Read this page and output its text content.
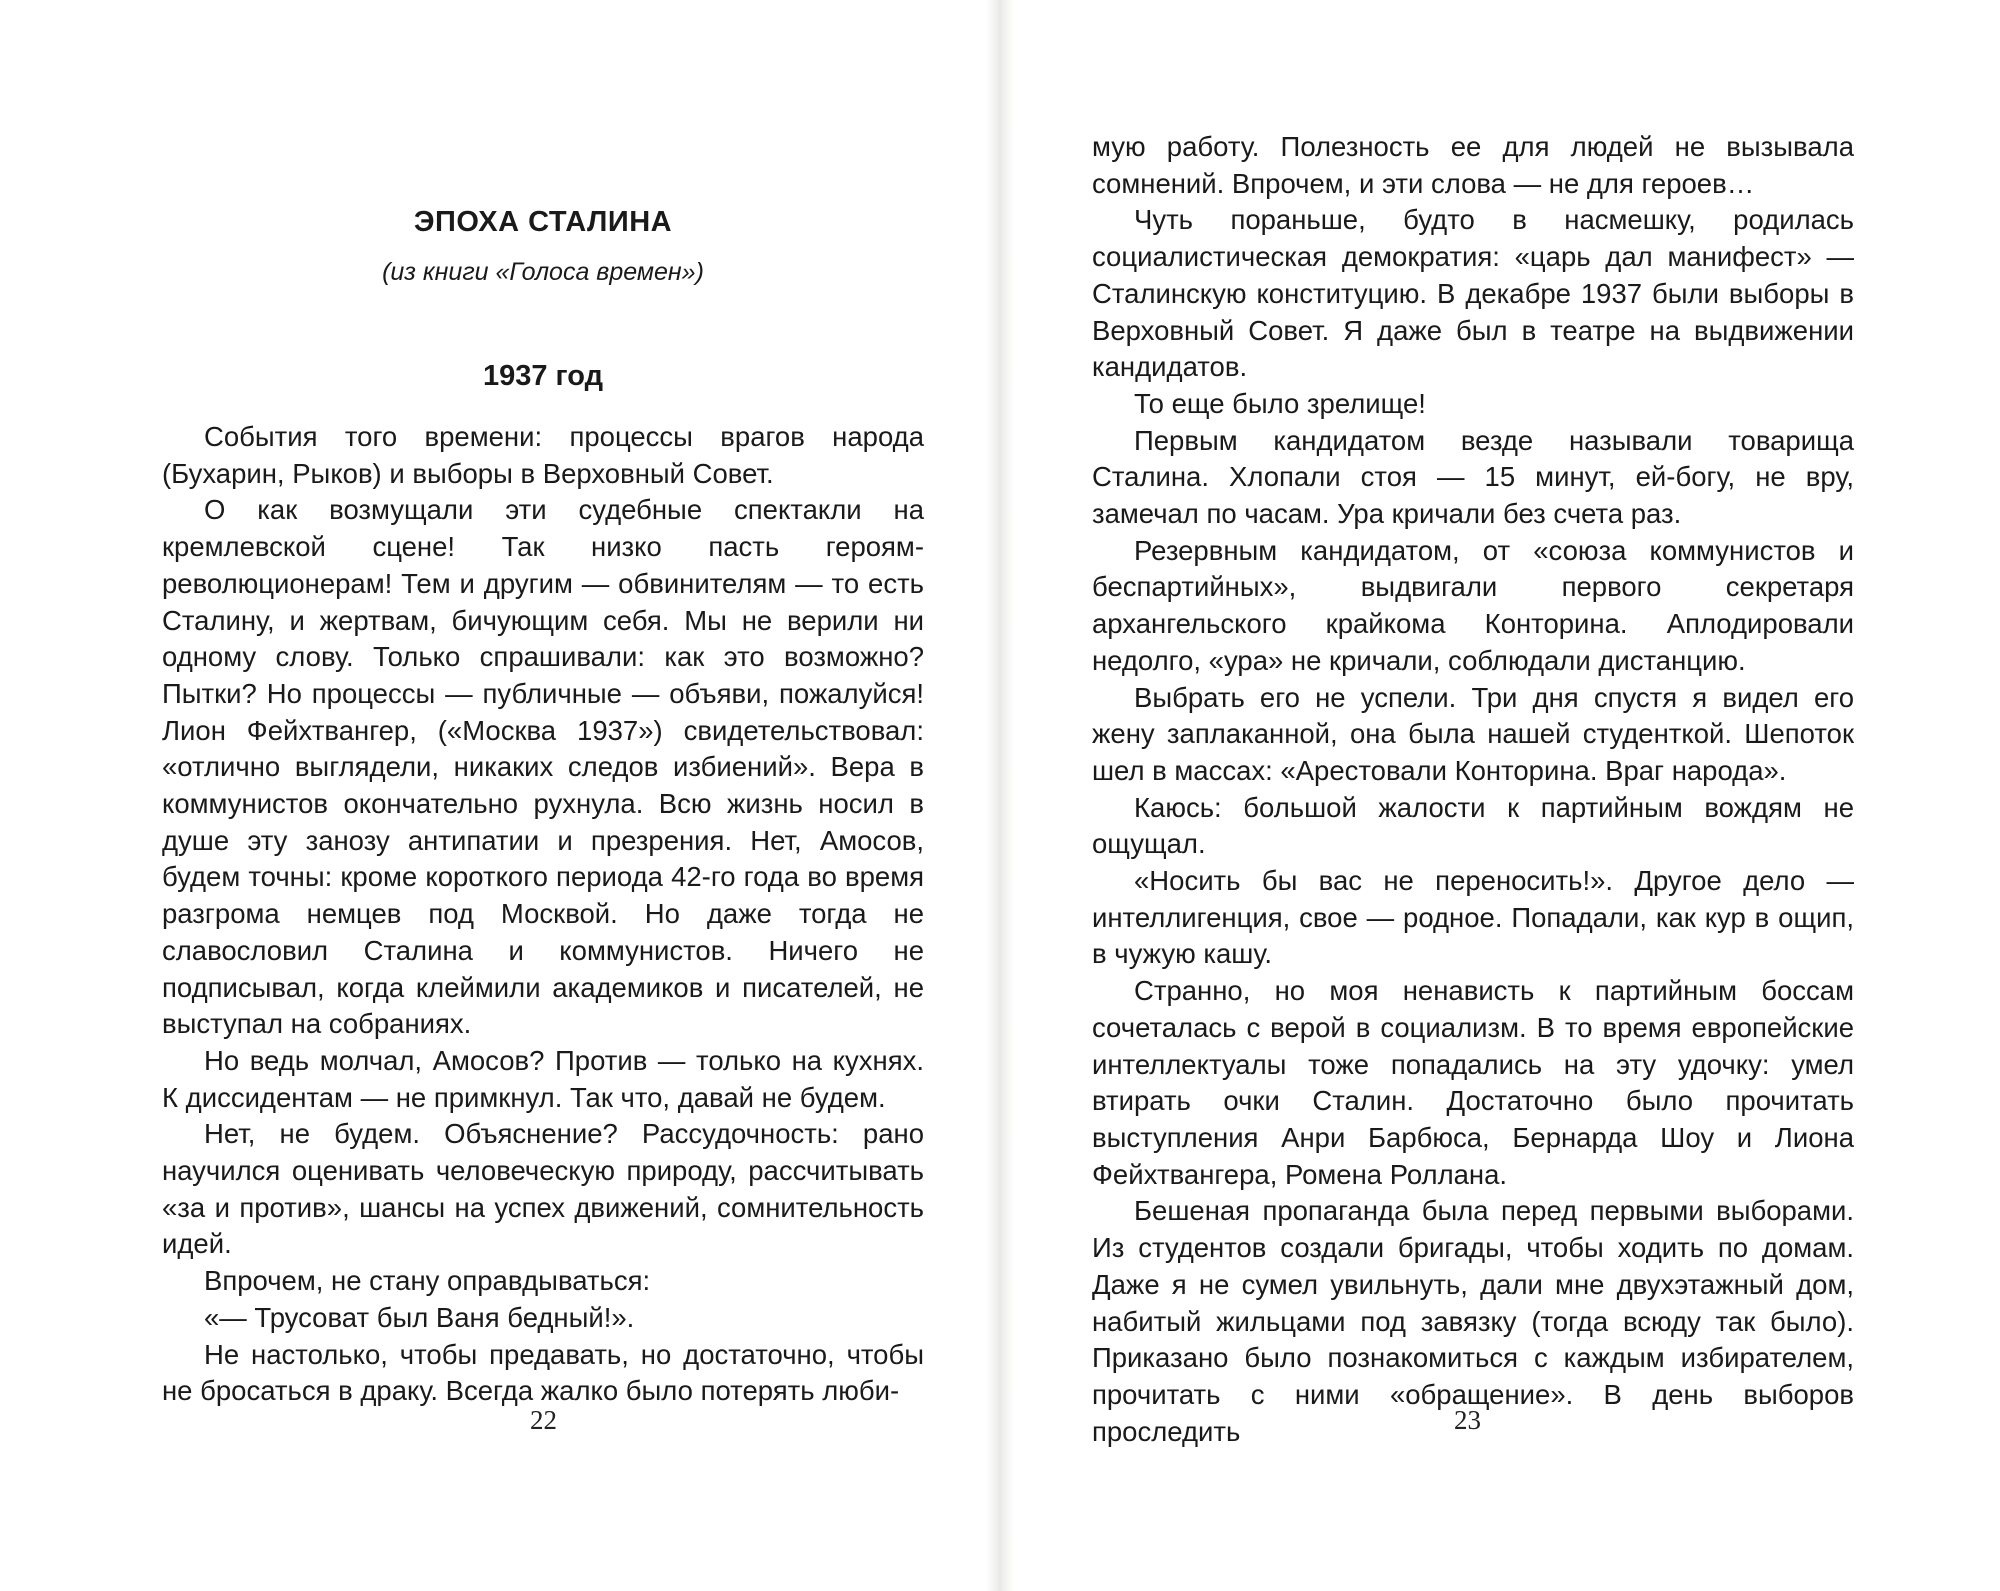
ЭПОХА СТАЛИНА
(из книги «Голоса времен»)
1937 год

События того времени: процессы врагов народа (Бухарин, Рыков) и выборы в Верховный Совет.

О как возмущали эти судебные спектакли на кремлевской сцене! Так низко пасть героям-революционерам! Тем и другим — обвинителям — то есть Сталину, и жертвам, бичующим себя. Мы не верили ни одному слову. Только спрашивали: как это возможно? Пытки? Но процессы — публичные — объяви, пожалуйся! Лион Фейхтвангер, («Москва 1937») свидетельствовал: «отлично выглядели, никаких следов избиений». Вера в коммунистов окончательно рухнула. Всю жизнь носил в душе эту занозу антипатии и презрения. Нет, Амосов, будем точны: кроме короткого периода 42-го года во время разгрома немцев под Москвой. Но даже тогда не славословил Сталина и коммунистов. Ничего не подписывал, когда клеймили академиков и писателей, не выступал на собраниях.

Но ведь молчал, Амосов? Против — только на кухнях. К диссидентам — не примкнул. Так что, давай не будем.

Нет, не будем. Объяснение? Рассудочность: рано научился оценивать человеческую природу, рассчитывать «за и против», шансы на успех движений, сомнительность идей.

Впрочем, не стану оправдываться:

«— Трусоват был Ваня бедный!».

Не настолько, чтобы предавать, но достаточно, чтобы не бросаться в драку. Всегда жалко было потерять люби-

22

мую работу. Полезность ее для людей не вызывала сомнений. Впрочем, и эти слова — не для героев…

Чуть пораньше, будто в насмешку, родилась социалистическая демократия: «царь дал манифест» — Сталинскую конституцию. В декабре 1937 были выборы в Верховный Совет. Я даже был в театре на выдвижении кандидатов.

То еще было зрелище!

Первым кандидатом везде называли товарища Сталина. Хлопали стоя — 15 минут, ей-богу, не вру, замечал по часам. Ура кричали без счета раз.

Резервным кандидатом, от «союза коммунистов и беспартийных», выдвигали первого секретаря архангельского крайкома Конторина. Аплодировали недолго, «ура» не кричали, соблюдали дистанцию.

Выбрать его не успели. Три дня спустя я видел его жену заплаканной, она была нашей студенткой. Шепоток шел в массах: «Арестовали Конторина. Враг народа».

Каюсь: большой жалости к партийным вождям не ощущал.

«Носить бы вас не переносить!». Другое дело — интеллигенция, свое — родное. Попадали, как кур в ощип, в чужую кашу.

Странно, но моя ненависть к партийным боссам сочеталась с верой в социализм. В то время европейские интеллектуалы тоже попадались на эту удочку: умел втирать очки Сталин. Достаточно было прочитать выступления Анри Барбюса, Бернарда Шоу и Лиона Фейхтвангера, Ромена Роллана.

Бешеная пропаганда была перед первыми выборами. Из студентов создали бригады, чтобы ходить по домам. Даже я не сумел увильнуть, дали мне двухэтажный дом, набитый жильцами под завязку (тогда всюду так было). Приказано было познакомиться с каждым избирателем, прочитать с ними «обращение». В день выборов проследить	23
